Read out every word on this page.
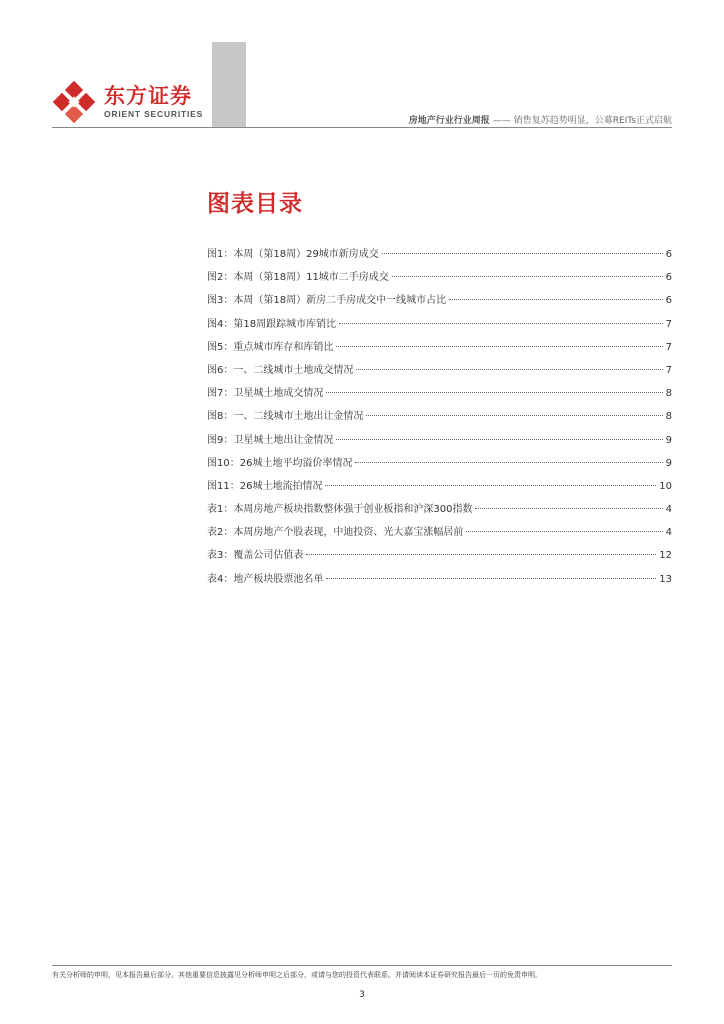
东方证券
ORIENT SECURITIES
房地产行业行业周报 —— 销售复苏趋势明显，公募REITs正式启航
图表目录
图1：本周（第18周）29城市新房成交	6
图2：本周（第18周）11城市二手房成交	6
图3：本周（第18周）新房二手房成交中一线城市占比	6
图4：第18周跟踪城市库销比	7
图5：重点城市库存和库销比	7
图6：一、二线城市土地成交情况	7
图7：卫星城土地成交情况	8
图8：一、二线城市土地出让金情况	8
图9：卫星城土地出让金情况	9
图10：26城土地平均溢价率情况	9
图11：26城土地流拍情况	10
表1：本周房地产板块指数整体强于创业板指和沪深300指数	4
表2：本周房地产个股表现，中迪投资、光大嘉宝涨幅居前	4
表3：覆盖公司估值表	12
表4：地产板块股票池名单	13
有关分析师的申明，见本报告最后部分。其他重要信息披露见分析师申明之后部分，或请与您的投资代表联系。并请阅读本证券研究报告最后一页的免责申明。
3
